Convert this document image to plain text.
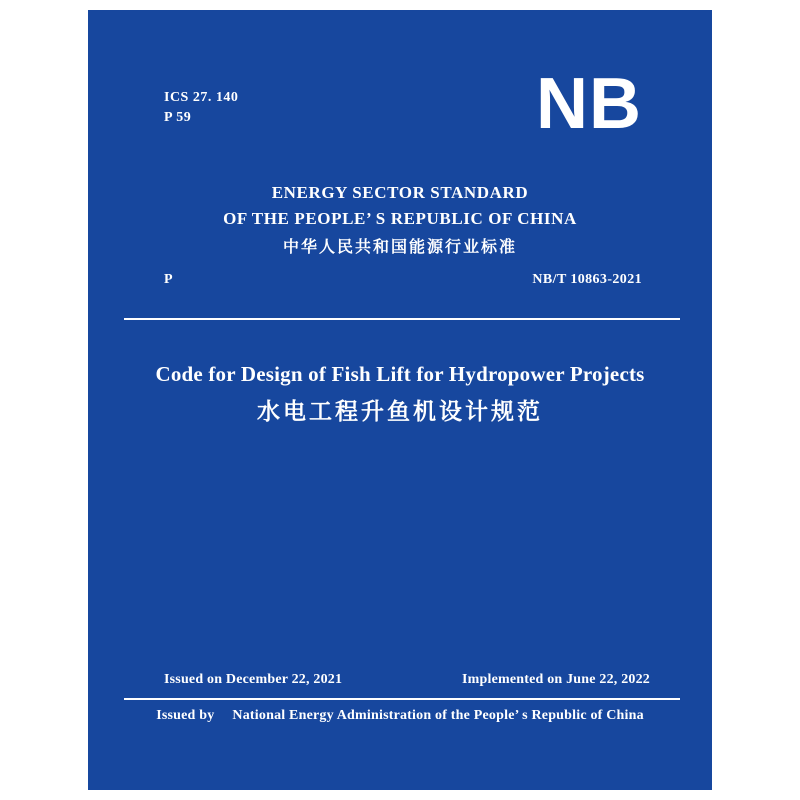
ICS 27. 140
P 59	NB
ENERGY SECTOR STANDARD
OF THE PEOPLE’ S REPUBLIC OF CHINA
中华人民共和国能源行业标准
P	NB/T 10863-2021
Code for Design of Fish Lift for Hydropower Projects
水电工程升鱼机设计规范
Issued on December 22, 2021	Implemented on June 22, 2022
Issued by National Energy Administration of the People’ s Republic of China
